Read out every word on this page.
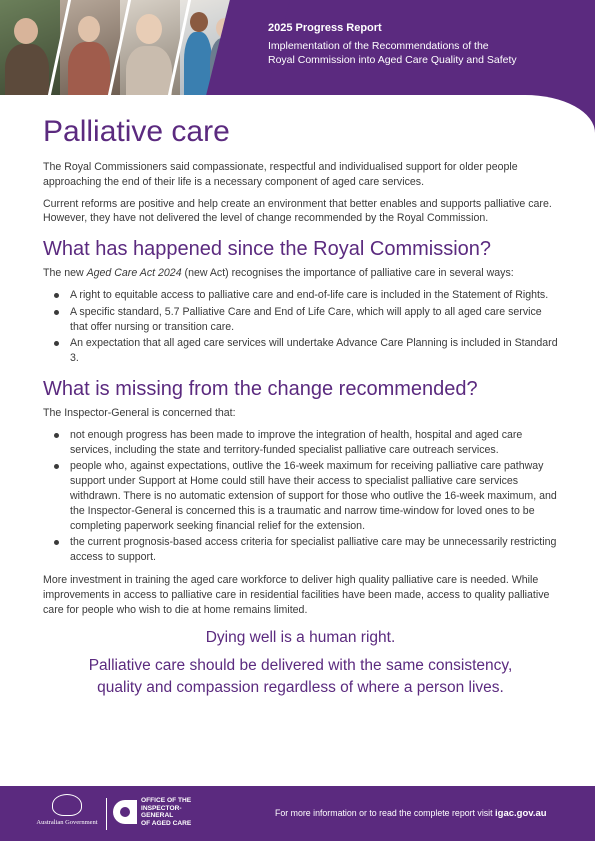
2025 Progress Report
Implementation of the Recommendations of the
Royal Commission into Aged Care Quality and Safety
Palliative care

The Royal Commissioners said compassionate, respectful and individualised support for older people approaching the end of their life is a necessary component of aged care services.

Current reforms are positive and help create an environment that better enables and supports palliative care. However, they have not delivered the level of change recommended by the Royal Commission.

What has happened since the Royal Commission?

The new Aged Care Act 2024 (new Act) recognises the importance of palliative care in several ways:

A right to equitable access to palliative care and end-of-life care is included in the Statement of Rights.
A specific standard, 5.7 Palliative Care and End of Life Care, which will apply to all aged care service that offer nursing or transition care.
An expectation that all aged care services will undertake Advance Care Planning is included in Standard 3.
What is missing from the change recommended?

The Inspector-General is concerned that:

not enough progress has been made to improve the integration of health, hospital and aged care services, including the state and territory-funded specialist palliative care outreach services.
people who, against expectations, outlive the 16-week maximum for receiving palliative care pathway support under Support at Home could still have their access to specialist palliative care services withdrawn. There is no automatic extension of support for those who outlive the 16-week maximum, and the Inspector-General is concerned this is a traumatic and narrow time-window for loved ones to be completing paperwork seeking financial relief for the extension.
the current prognosis-based access criteria for specialist palliative care may be unnecessarily restricting access to support.

More investment in training the aged care workforce to deliver high quality palliative care is needed. While improvements in access to palliative care in residential facilities have been made, access to quality palliative care for people who wish to die at home remains limited.

Dying well is a human right.
Palliative care should be delivered with the same consistency,
quality and compassion regardless of where a person lives.
Australian Government
OFFICE OF THE
INSPECTOR-
GENERAL
OF AGED CARE
For more information or to read the complete report visit igac.gov.au
